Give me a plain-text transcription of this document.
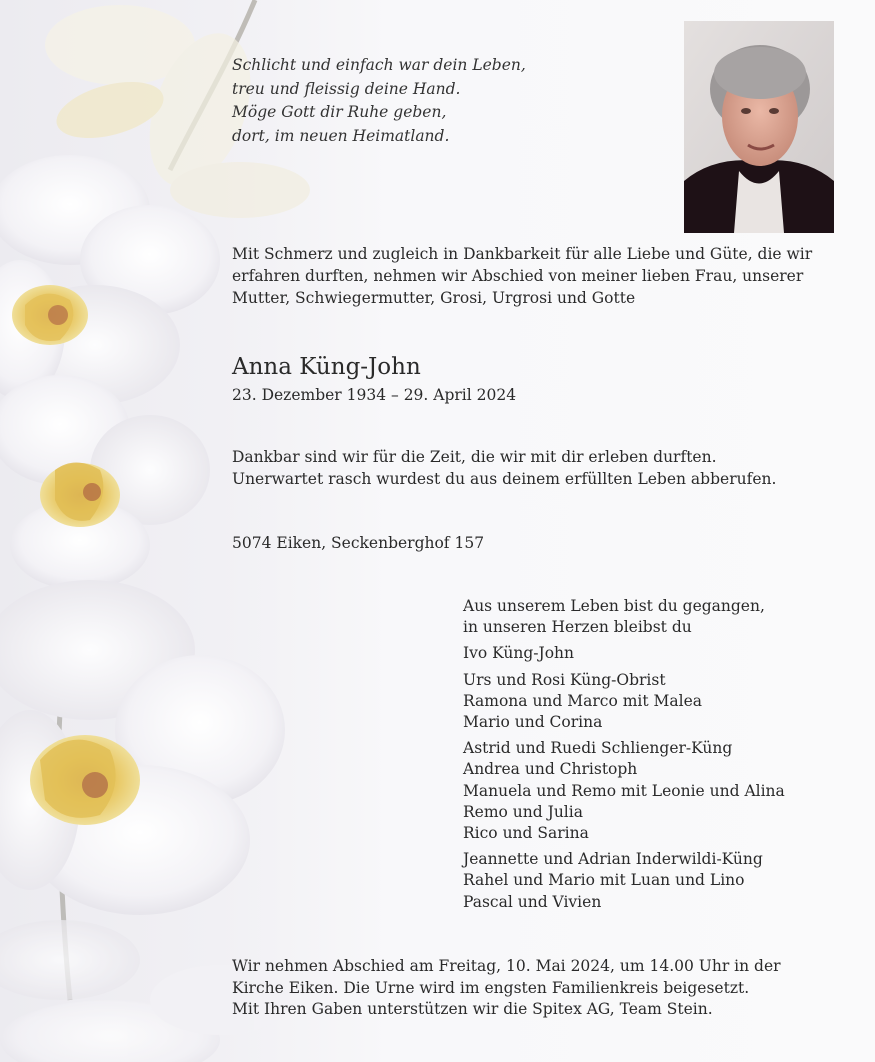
Schlicht und einfach war dein Leben,
treu und fleissig deine Hand.
Möge Gott dir Ruhe geben,
dort, im neuen Heimatland.
Mit Schmerz und zugleich in Dankbarkeit für alle Liebe und Güte, die wir
erfahren durften, nehmen wir Abschied von meiner lieben Frau, unserer
Mutter, Schwiegermutter, Grosi, Urgrosi und Gotte
Anna Küng-John
23. Dezember 1934 – 29. April 2024
Dankbar sind wir für die Zeit, die wir mit dir erleben durften.
Unerwartet rasch wurdest du aus deinem erfüllten Leben abberufen.
5074 Eiken, Seckenberghof 157
Aus unserem Leben bist du gegangen,
in unseren Herzen bleibst du
Ivo Küng-John
Urs und Rosi Küng-Obrist
Ramona und Marco mit Malea
Mario und Corina
Astrid und Ruedi Schlienger-Küng
Andrea und Christoph
Manuela und Remo mit Leonie und Alina
Remo und Julia
Rico und Sarina
Jeannette und Adrian Inderwildi-Küng
Rahel und Mario mit Luan und Lino
Pascal und Vivien
Wir nehmen Abschied am Freitag, 10. Mai 2024, um 14.00 Uhr in der
Kirche Eiken. Die Urne wird im engsten Familienkreis beigesetzt.
Mit Ihren Gaben unterstützen wir die Spitex AG, Team Stein.
